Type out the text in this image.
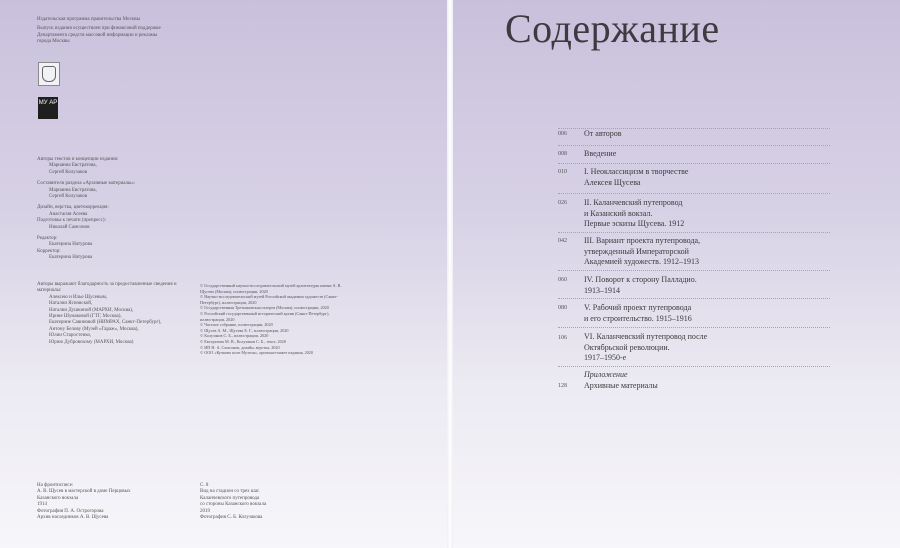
Издательская программа правительства Москвы

Выпуск издания осуществлен при финансовой поддержке Департамента средств массовой информации и рекламы города Москвы

МУ АР
Авторы текстов и концепции издания:
Марианна Евстратова,
Сергей Колузаков
Составители раздела «Архивные материалы»:
Марианна Евстратова,
Сергей Колузаков
Дизайн, верстка, цветокоррекция:
Анастасия Асеева
Подготовка к печати (препресс):
Николай Самсонов
Редактор:
Екатерина Натурова
Корректор:
Екатерина Натурова
Авторы выражают благодарность за предоставленные сведения и материалы:
Алексею и Илье Щусевым,
Наталии Ясновской,
Наталии Душкиной (МАРХИ, Москва),
Ирине Шумаковой (ГТГ, Москва),
Екатерине Савиновой (НИМРАХ, Санкт-Петербург),
Антону Белову (Музей «Гараж», Москва),
Юлии Старостенко,
Юрию Дубровскому (МАРХИ, Москва)
© Государственный научно-исследовательский музей архитектуры имени А. В. Щусева (Москва), иллюстрации, 2020
© Научно-исследовательский музей Российской академии художеств (Санкт-Петербург), иллюстрации, 2020
© Государственная Третьяковская галерея (Москва), иллюстрации, 2020
© Российский государственный исторический архив (Санкт-Петербург), иллюстрации, 2020
© Частное собрание, иллюстрации, 2020
© Щусев А. М., Щусева Е. Г., иллюстрации, 2020
© Колузаков С. Б., иллюстрации, 2020
© Евстратова М. В., Колузаков С. Б., текст, 2020
© ИП Н. А. Самсонов, дизайн, верстка, 2020
© ООО «Кучково поле Музеон», оригинал-макет издания, 2020
На фронтисписе:
А. В. Щусев в мастерской в доме Перцовых
Казанского вокзала
1914
Фотография П. А. Острогорова
Архив наследников А. В. Щусева
С. 8
Вид на стадион со трех шаг.
Каланчевского путепровода
со стороны Казанского вокзала
2019
Фотография С. Б. Колузакова
Содержание
006 От авторов
008 Введение
010 I. Неоклассицизм в творчестве
Алексея Щусева
026 II. Каланчевский путепровод
и Казанский вокзал.
Первые эскизы Щусева. 1912
042 III. Вариант проекта путепровода,
утвержденный Императорской
Академией художеств. 1912–1913
060 IV. Поворот к сторону Палладио.
1913–1914
080 V. Рабочий проект путепровода
и его строительство. 1915–1916
106 VI. Каланчевский путепровод после
Октябрьской революции.
1917–1950-е
Приложение
128 Архивные материалы
